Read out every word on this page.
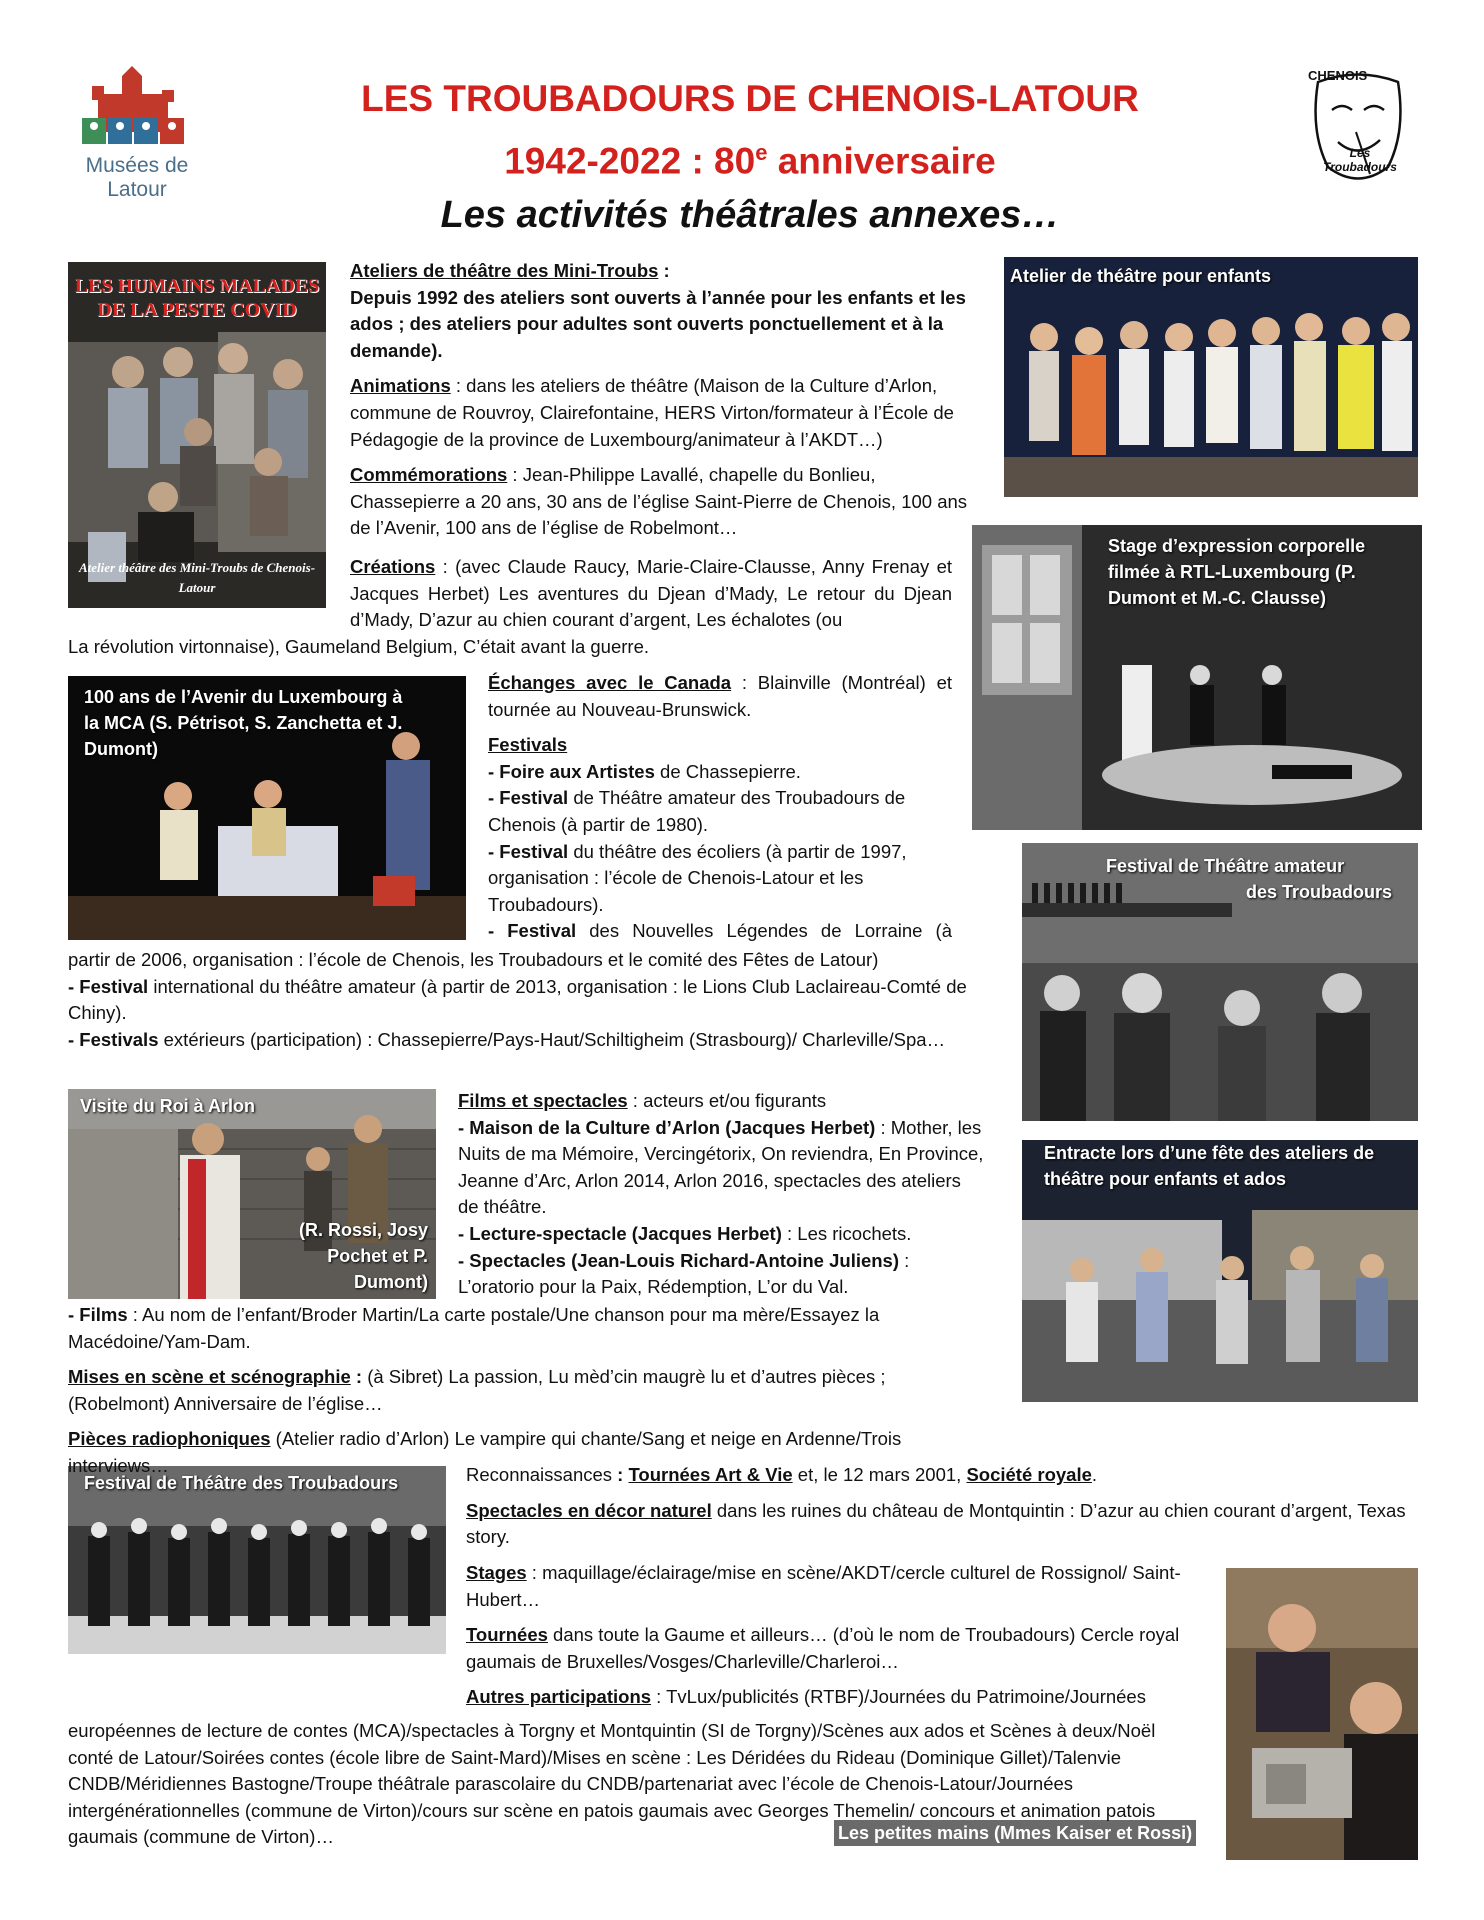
Musées de Latour
LES TROUBADOURS DE CHENOIS-LATOUR
1942-2022 : 80e anniversaire
Les activités théâtrales annexes…
CHENOIS
Les Troubadours
LES HUMAINS MALADES DE LA PESTE COVID
Atelier théâtre des Mini-Troubs de Chenois-Latour
Atelier de théâtre pour enfants
Stage d’expression corporelle filmée à RTL-Luxembourg (P. Dumont et M.-C. Clausse)
100 ans de l’Avenir du Luxembourg à la MCA (S. Pétrisot, S. Zanchetta et J. Dumont)
Festival de Théâtre amateur
des Troubadours
Visite du Roi à Arlon
(R. Rossi, Josy Pochet et P. Dumont)
Entracte lors d’une fête des ateliers de théâtre pour enfants et ados
Festival de Théâtre des Troubadours
Les petites mains (Mmes Kaiser et Rossi)

Ateliers de théâtre des Mini-Troubs :

Depuis 1992 des ateliers sont ouverts à l’année pour les enfants et les ados ; des ateliers pour adultes sont ouverts ponctuellement et à la demande).

Animations : dans les ateliers de théâtre (Maison de la Culture d’Arlon, commune de Rouvroy, Clairefontaine, HERS Virton/formateur à l’École de Pédagogie de la province de Luxembourg/animateur à l’AKDT…)

Commémorations : Jean-Philippe Lavallé, chapelle du Bonlieu, Chassepierre a 20 ans, 30 ans de l’église Saint-Pierre de Chenois, 100 ans de l’Avenir, 100 ans de l’église de Robelmont…

Créations : (avec Claude Raucy, Marie-Claire-Clausse, Anny Frenay et Jacques Herbet) Les aventures du Djean d’Mady, Le retour du Djean d’Mady, D’azur au chien courant d’argent, Les échalotes (ou

La révolution virtonnaise), Gaumeland Belgium, C’était avant la guerre.

Échanges avec le Canada : Blainville (Montréal) et tournée au Nouveau-Brunswick.

Festivals

- Foire aux Artistes de Chassepierre.

- Festival de Théâtre amateur des Troubadours de Chenois (à partir de 1980).

- Festival du théâtre des écoliers (à partir de 1997, organisation : l’école de Chenois-Latour et les Troubadours).

- Festival des Nouvelles Légendes de Lorraine (à

partir de 2006, organisation : l’école de Chenois, les Troubadours et le comité des Fêtes de Latour)

- Festival international du théâtre amateur (à partir de 2013, organisation : le Lions Club Laclaireau-Comté de Chiny).

- Festivals extérieurs (participation) : Chassepierre/Pays-Haut/Schiltigheim (Strasbourg)/ Charleville/Spa…

Films et spectacles : acteurs et/ou figurants

- Maison de la Culture d’Arlon (Jacques Herbet) : Mother, les Nuits de ma Mémoire, Vercingétorix, On reviendra, En Province, Jeanne d’Arc, Arlon 2014, Arlon 2016, spectacles des ateliers de théâtre.

- Lecture-spectacle (Jacques Herbet) : Les ricochets.

- Spectacles (Jean-Louis Richard-Antoine Juliens) : L’oratorio pour la Paix, Rédemption, L’or du Val.

- Films : Au nom de l’enfant/Broder Martin/La carte postale/Une chanson pour ma mère/Essayez la Macédoine/Yam-Dam.

Mises en scène et scénographie : (à Sibret) La passion, Lu mèd’cin maugrè lu et d’autres pièces ; (Robelmont) Anniversaire de l’église…

Pièces radiophoniques (Atelier radio d’Arlon) Le vampire qui chante/Sang et neige en Ardenne/Trois interviews…	Reconnaissances : Tournées Art & Vie et, le 12 mars 2001, Société royale.

Spectacles en décor naturel dans les ruines du château de Montquintin : D’azur au chien courant d’argent, Texas story.

Stages : maquillage/éclairage/mise en scène/AKDT/cercle culturel de Rossignol/ Saint-Hubert…

Tournées dans toute la Gaume et ailleurs… (d’où le nom de Troubadours) Cercle royal gaumais de Bruxelles/Vosges/Charleville/Charleroi…

Autres participations : TvLux/publicités (RTBF)/Journées du Patrimoine/Journées

européennes de lecture de contes (MCA)/spectacles à Torgny et Montquintin (SI de Torgny)/Scènes aux ados et Scènes à deux/Noël conté de Latour/Soirées contes (école libre de Saint-Mard)/Mises en scène : Les Déridées du Rideau (Dominique Gillet)/Talenvie CNDB/Méridiennes Bastogne/Troupe théâtrale parascolaire du CNDB/partenariat avec l’école de Chenois-Latour/Journées intergénérationnelles (commune de Virton)/cours sur scène en patois gaumais avec Georges Themelin/ concours et animation patois gaumais (commune de Virton)…
